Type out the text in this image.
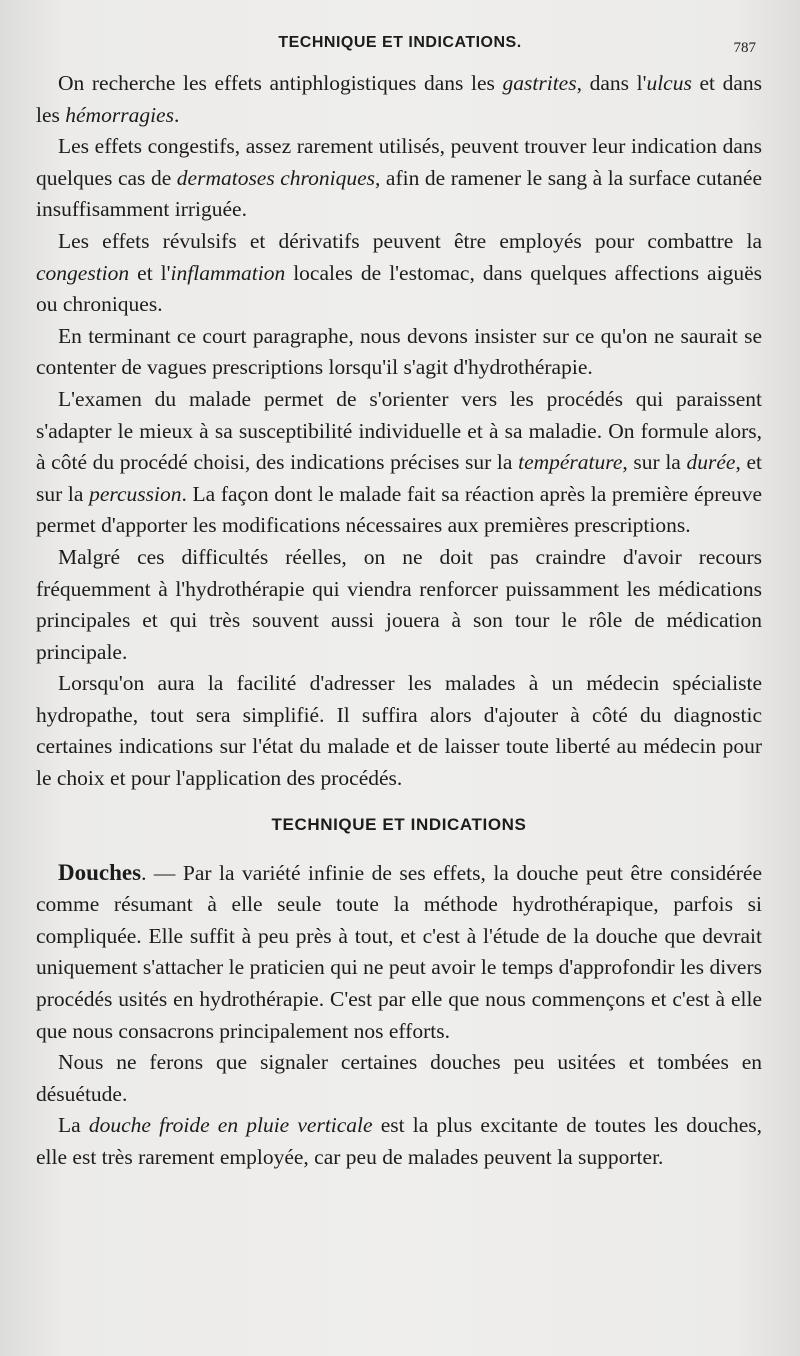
TECHNIQUE ET INDICATIONS.	787

On recherche les effets antiphlogistiques dans les gastrites, dans l'ulcus et dans les hémorragies.

Les effets congestifs, assez rarement utilisés, peuvent trouver leur indication dans quelques cas de dermatoses chroniques, afin de ramener le sang à la surface cutanée insuffisamment irriguée.

Les effets révulsifs et dérivatifs peuvent être employés pour combattre la congestion et l'inflammation locales de l'estomac, dans quelques affections aiguës ou chroniques.

En terminant ce court paragraphe, nous devons insister sur ce qu'on ne saurait se contenter de vagues prescriptions lorsqu'il s'agit d'hydrothérapie.

L'examen du malade permet de s'orienter vers les procédés qui paraissent s'adapter le mieux à sa susceptibilité individuelle et à sa maladie. On formule alors, à côté du procédé choisi, des indications précises sur la température, sur la durée, et sur la percussion. La façon dont le malade fait sa réaction après la première épreuve permet d'apporter les modifications nécessaires aux premières prescriptions.

Malgré ces difficultés réelles, on ne doit pas craindre d'avoir recours fréquemment à l'hydrothérapie qui viendra renforcer puissamment les médications principales et qui très souvent aussi jouera à son tour le rôle de médication principale.

Lorsqu'on aura la facilité d'adresser les malades à un médecin spécialiste hydropathe, tout sera simplifié. Il suffira alors d'ajouter à côté du diagnostic certaines indications sur l'état du malade et de laisser toute liberté au médecin pour le choix et pour l'application des procédés.

TECHNIQUE ET INDICATIONS

Douches. — Par la variété infinie de ses effets, la douche peut être considérée comme résumant à elle seule toute la méthode hydrothérapique, parfois si compliquée. Elle suffit à peu près à tout, et c'est à l'étude de la douche que devrait uniquement s'attacher le praticien qui ne peut avoir le temps d'approfondir les divers procédés usités en hydrothérapie. C'est par elle que nous commençons et c'est à elle que nous consacrons principalement nos efforts.

Nous ne ferons que signaler certaines douches peu usitées et tombées en désuétude.

La douche froide en pluie verticale est la plus excitante de toutes les douches, elle est très rarement employée, car peu de malades peuvent la supporter.
